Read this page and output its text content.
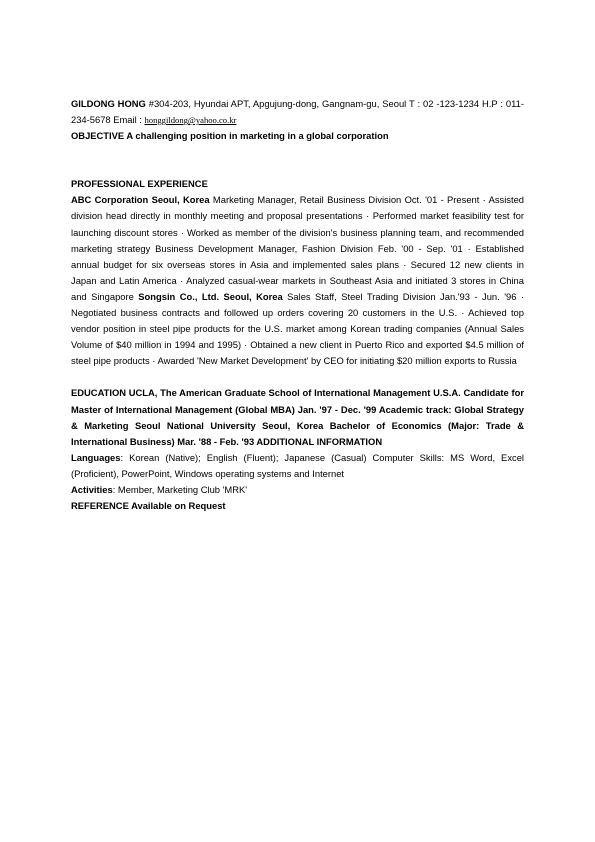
GILDONG HONG #304-203, Hyundai APT, Apgujung-dong, Gangnam-gu, Seoul T : 02 -123-1234 H.P : 011-234-5678 Email : honggildong@yahoo.co.kr

OBJECTIVE A challenging position in marketing in a global corporation

PROFESSIONAL EXPERIENCE

ABC Corporation Seoul, Korea Marketing Manager, Retail Business Division Oct. '01 - Present · Assisted division head directly in monthly meeting and proposal presentations · Performed market feasibility test for launching discount stores · Worked as member of the division's business planning team, and recommended marketing strategy Business Development Manager, Fashion Division Feb. '00 - Sep. '01 · Established annual budget for six overseas stores in Asia and implemented sales plans · Secured 12 new clients in Japan and Latin America · Analyzed casual-wear markets in Southeast Asia and initiated 3 stores in China and Singapore Songsin Co., Ltd. Seoul, Korea Sales Staff, Steel Trading Division Jan.'93 - Jun. '96 · Negotiated business contracts and followed up orders covering 20 customers in the U.S. · Achieved top vendor position in steel pipe products for the U.S. market among Korean trading companies (Annual Sales Volume of $40 million in 1994 and 1995) · Obtained a new client in Puerto Rico and exported $4.5 million of steel pipe products · Awarded 'New Market Development' by CEO for initiating $20 million exports to Russia

EDUCATION UCLA, The American Graduate School of International Management U.S.A. Candidate for Master of International Management (Global MBA) Jan. '97 - Dec. '99 Academic track: Global Strategy & Marketing Seoul National University Seoul, Korea Bachelor of Economics (Major: Trade & International Business) Mar. '88 - Feb. '93 ADDITIONAL INFORMATION

Languages: Korean (Native); English (Fluent); Japanese (Casual) Computer Skills: MS Word, Excel (Proficient), PowerPoint, Windows operating systems and Internet

Activities: Member, Marketing Club 'MRK'

REFERENCE Available on Request
